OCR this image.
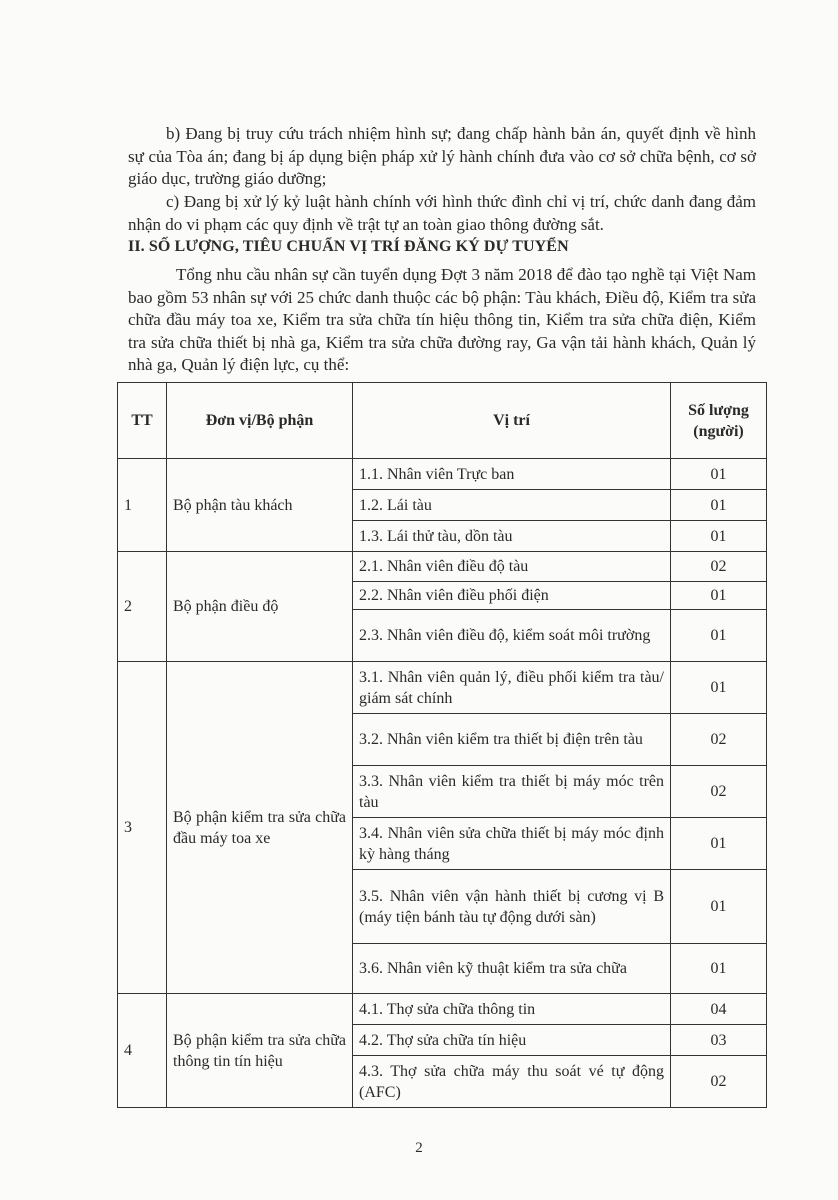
b) Đang bị truy cứu trách nhiệm hình sự; đang chấp hành bản án, quyết định về hình sự của Tòa án; đang bị áp dụng biện pháp xử lý hành chính đưa vào cơ sở chữa bệnh, cơ sở giáo dục, trường giáo dưỡng;

c) Đang bị xử lý kỷ luật hành chính với hình thức đình chỉ vị trí, chức danh đang đảm nhận do vi phạm các quy định về trật tự an toàn giao thông đường sắt.

II. SỐ LƯỢNG, TIÊU CHUẨN VỊ TRÍ ĐĂNG KÝ DỰ TUYỂN

Tổng nhu cầu nhân sự cần tuyển dụng Đợt 3 năm 2018 để đào tạo nghề tại Việt Nam bao gồm 53 nhân sự với 25 chức danh thuộc các bộ phận: Tàu khách, Điều độ, Kiểm tra sửa chữa đầu máy toa xe, Kiểm tra sửa chữa tín hiệu thông tin, Kiểm tra sửa chữa điện, Kiểm tra sửa chữa thiết bị nhà ga, Kiểm tra sửa chữa đường ray, Ga vận tải hành khách, Quản lý nhà ga, Quản lý điện lực, cụ thể:

TT	Đơn vị/Bộ phận	Vị trí	Số lượng
(người)
1	Bộ phận tàu khách	1.1. Nhân viên Trực ban	01
		1.2. Lái tàu	01
		1.3. Lái thử tàu, dồn tàu	01
2	Bộ phận điều độ	2.1. Nhân viên điều độ tàu	02
		2.2. Nhân viên điều phối điện	01
		2.3. Nhân viên điều độ, kiểm soát môi trường	01
3	Bộ phận kiểm tra sửa chữa đầu máy toa xe	3.1. Nhân viên quản lý, điều phối kiểm tra tàu/ giám sát chính	01
		3.2. Nhân viên kiểm tra thiết bị điện trên tàu	02
		3.3. Nhân viên kiểm tra thiết bị máy móc trên tàu	02
		3.4. Nhân viên sửa chữa thiết bị máy móc định kỳ hàng tháng	01
		3.5. Nhân viên vận hành thiết bị cương vị B (máy tiện bánh tàu tự động dưới sàn)	01
		3.6. Nhân viên kỹ thuật kiểm tra sửa chữa	01
4	Bộ phận kiểm tra sửa chữa thông tin tín hiệu	4.1. Thợ sửa chữa thông tin	04
		4.2. Thợ sửa chữa tín hiệu	03
		4.3. Thợ sửa chữa máy thu soát vé tự động (AFC)	02
2
